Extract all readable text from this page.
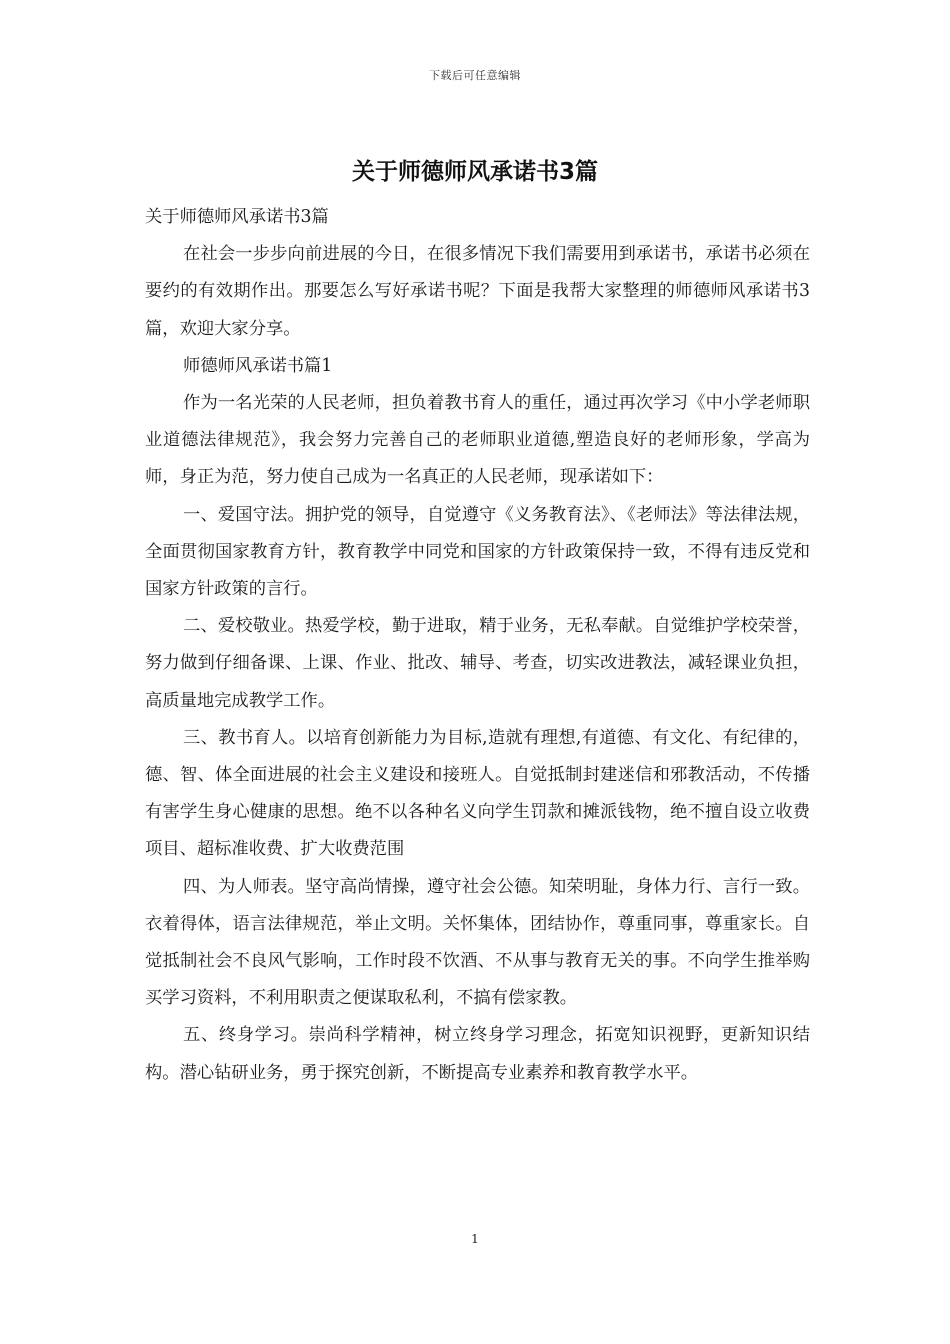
下载后可任意编辑
关于师德师风承诺书3篇

关于师德师风承诺书3篇

在社会一步步向前进展的今日，在很多情况下我们需要用到承诺书，承诺书必须在要约的有效期作出。那要怎么写好承诺书呢？下面是我帮大家整理的师德师风承诺书3篇，欢迎大家分享。

师德师风承诺书篇1

作为一名光荣的人民老师，担负着教书育人的重任，通过再次学习《中小学老师职业道德法律规范》，我会努力完善自己的老师职业道德,塑造良好的老师形象，学高为师，身正为范，努力使自己成为一名真正的人民老师，现承诺如下：

一、爱国守法。拥护党的领导，自觉遵守《义务教育法》、《老师法》等法律法规，全面贯彻国家教育方针，教育教学中同党和国家的方针政策保持一致，不得有违反党和国家方针政策的言行。

二、爱校敬业。热爱学校，勤于进取，精于业务，无私奉献。自觉维护学校荣誉，努力做到仔细备课、上课、作业、批改、辅导、考查，切实改进教法，减轻课业负担，高质量地完成教学工作。

三、教书育人。以培育创新能力为目标,造就有理想,有道德、有文化、有纪律的，德、智、体全面进展的社会主义建设和接班人。自觉抵制封建迷信和邪教活动，不传播有害学生身心健康的思想。绝不以各种名义向学生罚款和摊派钱物，绝不擅自设立收费项目、超标准收费、扩大收费范围

四、为人师表。坚守高尚情操，遵守社会公德。知荣明耻，身体力行、言行一致。衣着得体，语言法律规范，举止文明。关怀集体，团结协作，尊重同事，尊重家长。自觉抵制社会不良风气影响，工作时段不饮酒、不从事与教育无关的事。不向学生推举购买学习资料，不利用职责之便谋取私利，不搞有偿家教。

五、终身学习。崇尚科学精神，树立终身学习理念，拓宽知识视野，更新知识结构。潜心钻研业务，勇于探究创新，不断提高专业素养和教育教学水平。

1
